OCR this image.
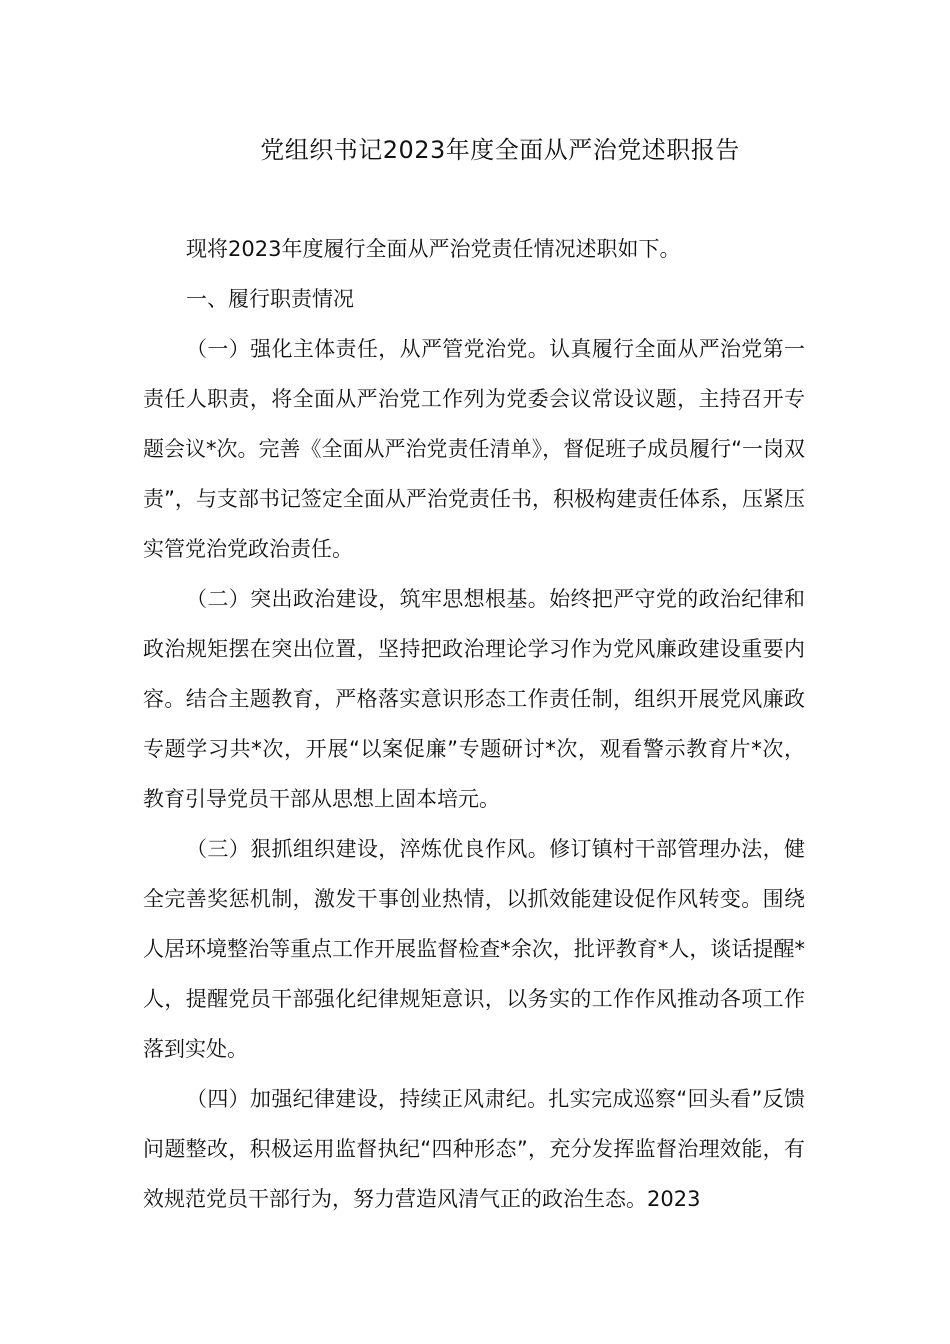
党组织书记2023年度全面从严治党述职报告

现将2023年度履行全面从严治党责任情况述职如下。

一、履行职责情况

（一）强化主体责任，从严管党治党。认真履行全面从严治党第一责任人职责，将全面从严治党工作列为党委会议常设议题，主持召开专题会议*次。完善《全面从严治党责任清单》，督促班子成员履行“一岗双责”，与支部书记签定全面从严治党责任书，积极构建责任体系，压紧压实管党治党政治责任。

（二）突出政治建设，筑牢思想根基。始终把严守党的政治纪律和政治规矩摆在突出位置，坚持把政治理论学习作为党风廉政建设重要内容。结合主题教育，严格落实意识形态工作责任制，组织开展党风廉政专题学习共*次，开展“以案促廉”专题研讨*次，观看警示教育片*次，教育引导党员干部从思想上固本培元。

（三）狠抓组织建设，淬炼优良作风。修订镇村干部管理办法，健全完善奖惩机制，激发干事创业热情，以抓效能建设促作风转变。围绕人居环境整治等重点工作开展监督检查*余次，批评教育*人，谈话提醒*人，提醒党员干部强化纪律规矩意识，以务实的工作作风推动各项工作落到实处。

（四）加强纪律建设，持续正风肃纪。扎实完成巡察“回头看”反馈问题整改，积极运用监督执纪“四种形态”，充分发挥监督治理效能，有效规范党员干部行为，努力营造风清气正的政治生态。2023
